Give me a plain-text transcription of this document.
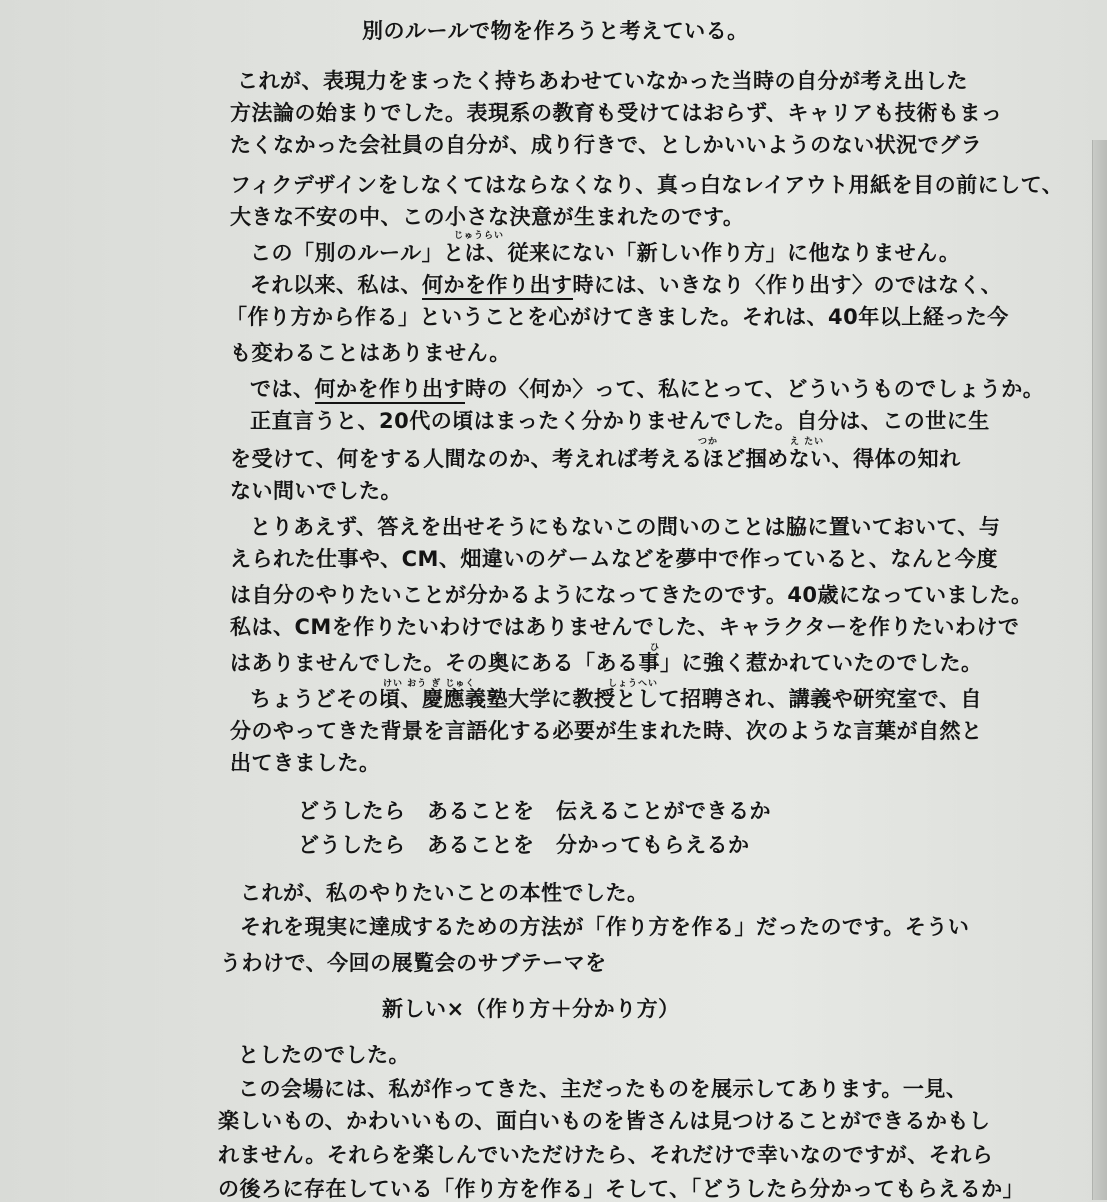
別のルールで物を作ろうと考えている。
これが、表現力をまったく持ちあわせていなかった当時の自分が考え出した
方法論の始まりでした。表現系の教育も受けてはおらず、キャリアも技術もまっ
たくなかった会社員の自分が、成り行きで、としかいいようのない状況でグラ
フィクデザインをしなくてはならなくなり、真っ白なレイアウト用紙を目の前にして、
大きな不安の中、この小さな決意が生まれたのです。
じゅうらい
この「別のルール」とは、従来にない「新しい作り方」に他なりません。
それ以来、私は、何かを作り出す時には、いきなり〈作り出す〉のではなく、
「作り方から作る」ということを心がけてきました。それは、40年以上経った今
も変わることはありません。
では、何かを作り出す時の〈何か〉って、私にとって、どういうものでしょうか。
正直言うと、20代の頃はまったく分かりませんでした。自分は、この世に生
つか	え たい
を受けて、何をする人間なのか、考えれば考えるほど掴めない、得体の知れ
ない問いでした。
とりあえず、答えを出せそうにもないこの問いのことは脇に置いておいて、与
えられた仕事や、CM、畑違いのゲームなどを夢中で作っていると、なんと今度
は自分のやりたいことが分かるようになってきたのです。40歳になっていました。
私は、CMを作りたいわけではありませんでした、キャラクターを作りたいわけで
ひ
はありませんでした。その奥にある「ある事」に強く惹かれていたのでした。
けい おう ぎ じゅく	しょうへい
ちょうどその頃、慶應義塾大学に教授として招聘され、講義や研究室で、自
分のやってきた背景を言語化する必要が生まれた時、次のような言葉が自然と
出てきました。
どうしたら　あることを　伝えることができるか
どうしたら　あることを　分かってもらえるか
これが、私のやりたいことの本性でした。
それを現実に達成するための方法が「作り方を作る」だったのです。そうい
うわけで、今回の展覧会のサブテーマを
新しい×（作り方＋分かり方）
としたのでした。
この会場には、私が作ってきた、主だったものを展示してあります。一見、
楽しいもの、かわいいもの、面白いものを皆さんは見つけることができるかもし
れません。それらを楽しんでいただけたら、それだけで幸いなのですが、それら
の後ろに存在している「作り方を作る」そして、「どうしたら分かってもらえるか」
